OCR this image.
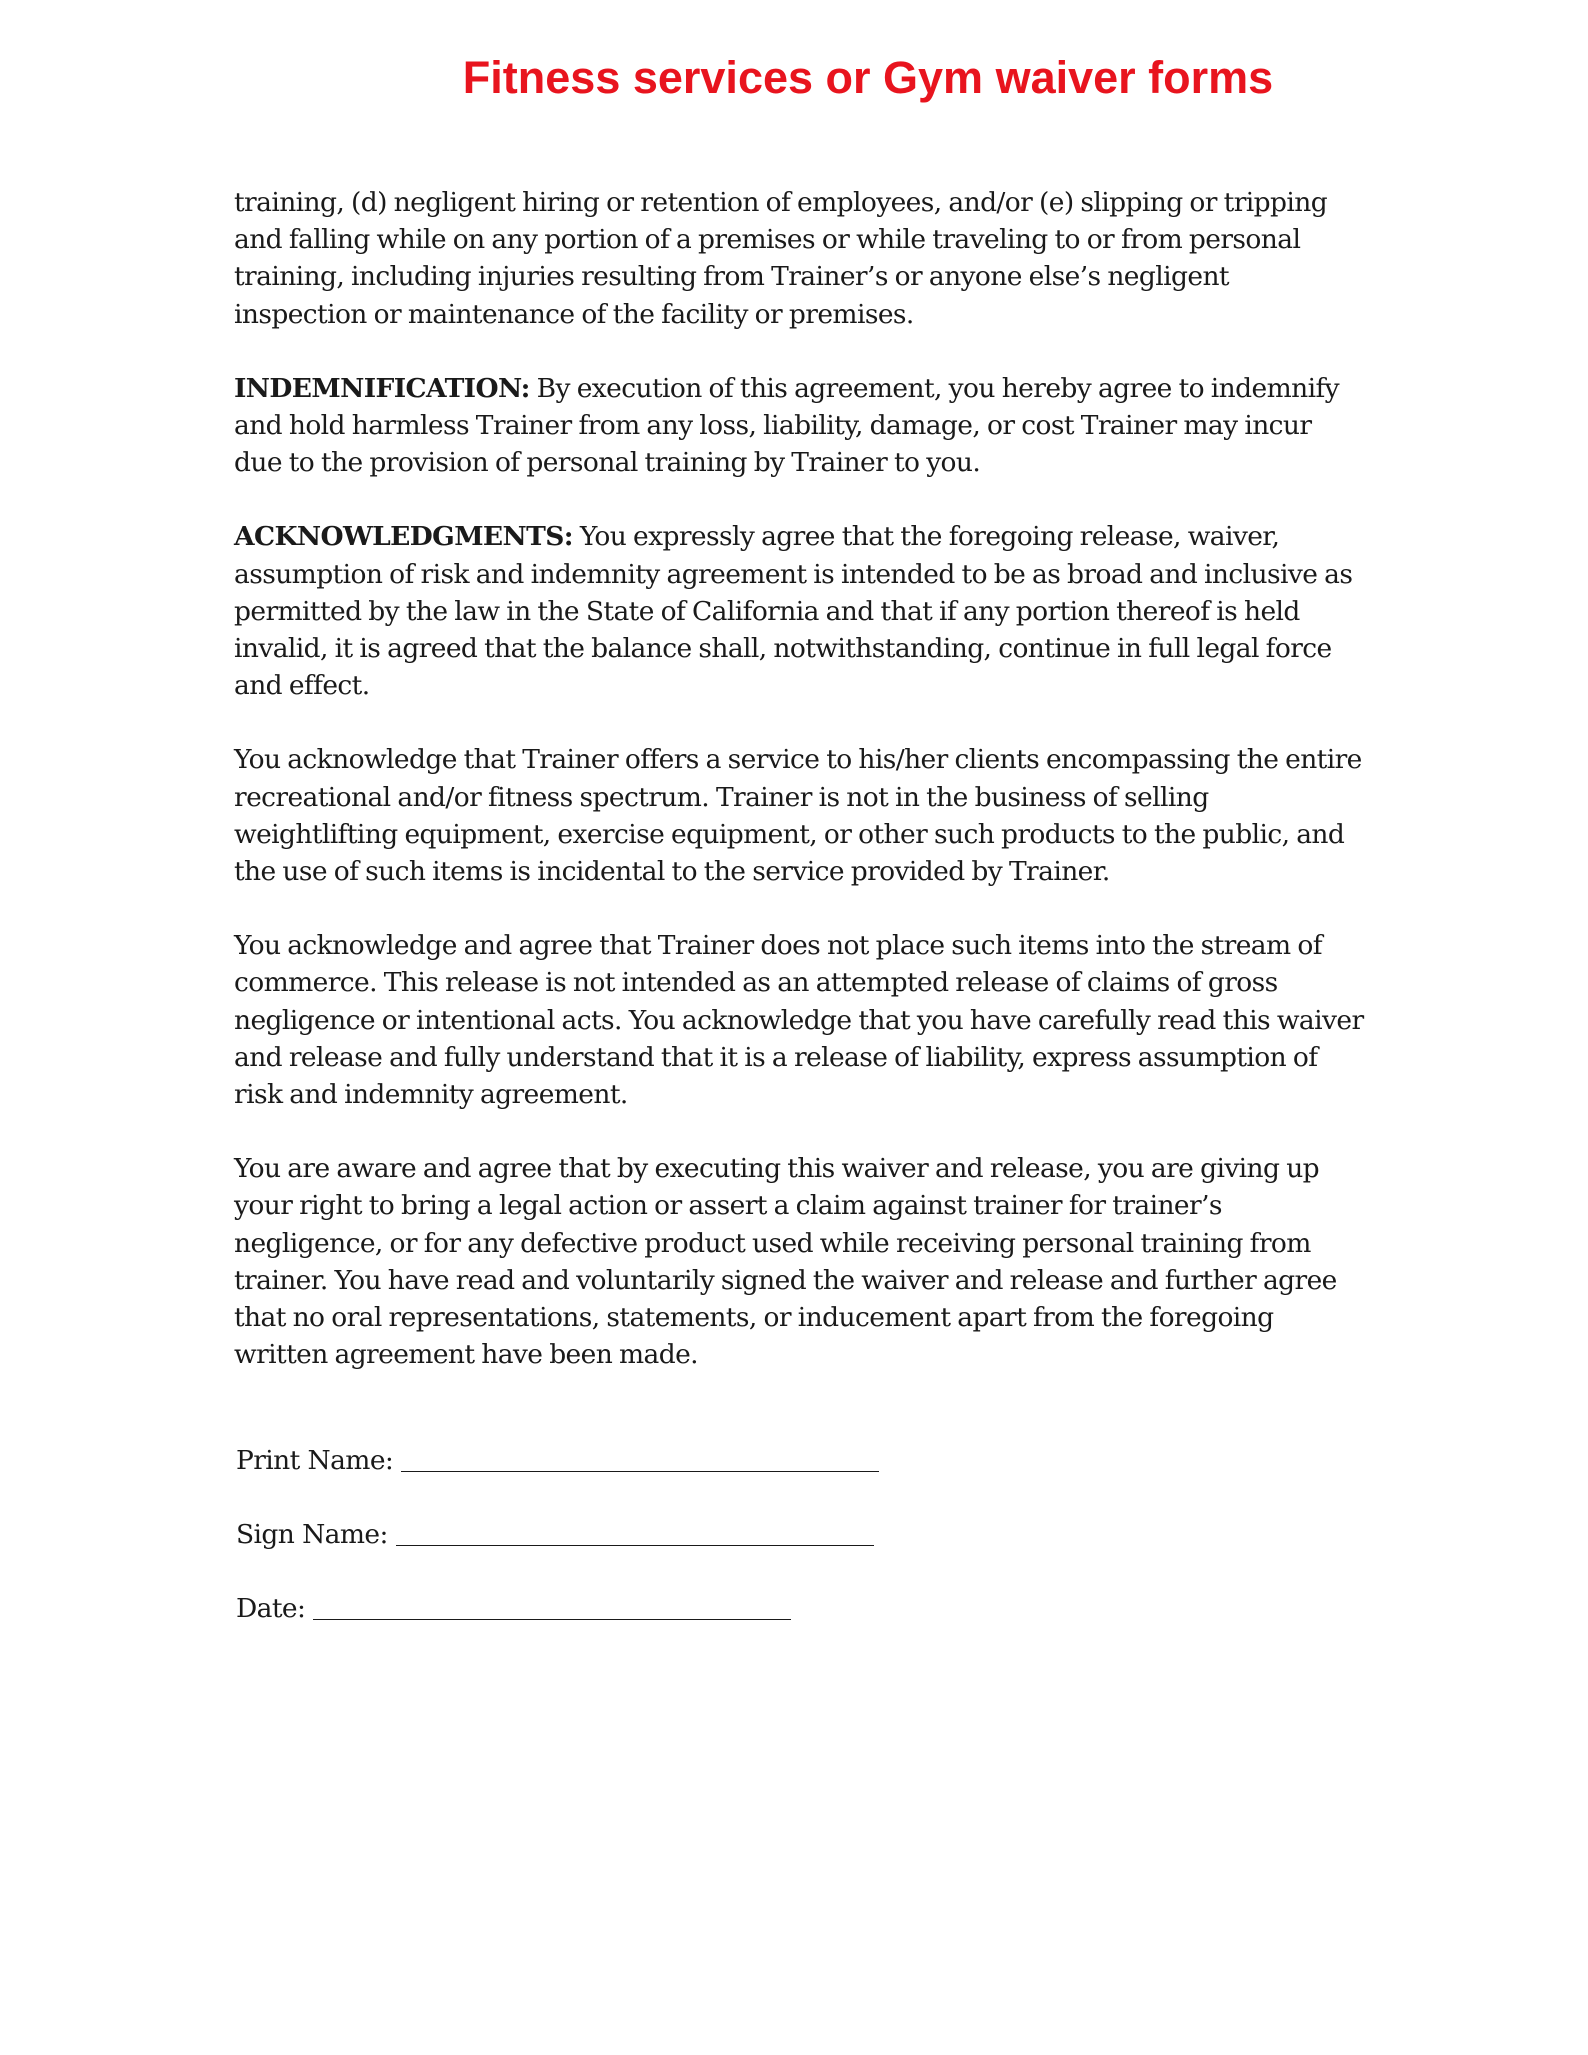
Fitness services or Gym waiver forms

training, (d) negligent hiring or retention of employees, and/or (e) slipping or tripping and falling while on any portion of a premises or while traveling to or from personal training, including injuries resulting from Trainer’s or anyone else’s negligent inspection or maintenance of the facility or premises.

INDEMNIFICATION: By execution of this agreement, you hereby agree to indemnify and hold harmless Trainer from any loss, liability, damage, or cost Trainer may incur due to the provision of personal training by Trainer to you.

ACKNOWLEDGMENTS: You expressly agree that the foregoing release, waiver, assumption of risk and indemnity agreement is intended to be as broad and inclusive as permitted by the law in the State of California and that if any portion thereof is held invalid, it is agreed that the balance shall, notwithstanding, continue in full legal force and effect.

You acknowledge that Trainer offers a service to his/her clients encompassing the entire recreational and/or fitness spectrum. Trainer is not in the business of selling weightlifting equipment, exercise equipment, or other such products to the public, and the use of such items is incidental to the service provided by Trainer.

You acknowledge and agree that Trainer does not place such items into the stream of commerce. This release is not intended as an attempted release of claims of gross negligence or intentional acts. You acknowledge that you have carefully read this waiver and release and fully understand that it is a release of liability, express assumption of risk and indemnity agreement.

You are aware and agree that by executing this waiver and release, you are giving up your right to bring a legal action or assert a claim against trainer for trainer’s negligence, or for any defective product used while receiving personal training from trainer. You have read and voluntarily signed the waiver and release and further agree that no oral representations, statements, or inducement apart from the foregoing written agreement have been made.

Print Name:
Sign Name:
Date:
